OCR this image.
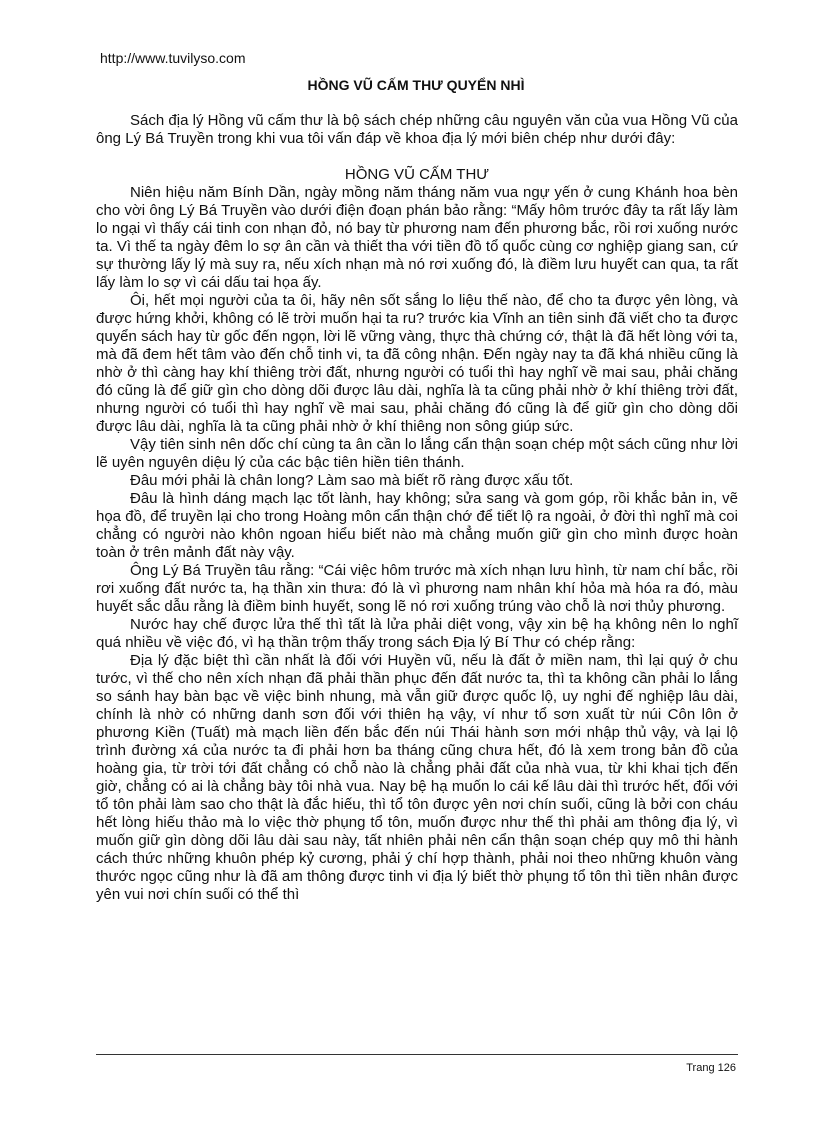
http://www.tuvilyso.com
HỒNG VŨ CẤM THƯ QUYỂN NHÌ

Sách địa lý Hồng vũ cấm thư là bộ sách chép những câu nguyên văn của vua Hồng Vũ của ông Lý Bá Truyền trong khi vua tôi vấn đáp về khoa địa lý mới biên chép như dưới đây:

HỒNG VŨ CẤM THƯ

Niên hiệu năm Bính Dần, ngày mồng năm tháng năm vua ngự yến ở cung Khánh hoa bèn cho vời ông Lý Bá Truyền vào dưới điện đoạn phán bảo rằng: “Mấy hôm trước đây ta rất lấy làm lo ngại vì thấy cái tinh con nhạn đỏ, nó bay từ phương nam đến phương bắc, rồi rơi xuống nước ta. Vì thế ta ngày đêm lo sợ ân cần và thiết tha với tiền đồ tổ quốc cùng cơ nghiệp giang san, cứ sự thường lấy lý mà suy ra, nếu xích nhạn mà nó rơi xuống đó, là điềm lưu huyết can qua, ta rất lấy làm lo sợ vì cái dấu tai họa ấy.

Ôi, hết mọi người của ta ôi, hãy nên sốt sắng lo liệu thế nào, để cho ta được yên lòng, và được hứng khởi, không có lẽ trời muốn hại ta ru? trước kia Vĩnh an tiên sinh đã viết cho ta được quyển sách hay từ gốc đến ngọn, lời lẽ vững vàng, thực thà chứng cớ, thật là đã hết lòng với ta, mà đã đem hết tâm vào đến chỗ tinh vi, ta đã công nhận. Đến ngày nay ta đã khá nhiều cũng là nhờ ở thì càng hay khí thiêng trời đất, nhưng người có tuổi thì hay nghĩ về mai sau, phải chăng đó cũng là để giữ gìn cho dòng dõi được lâu dài, nghĩa là ta cũng phải nhờ ở khí thiêng trời đất, nhưng người có tuổi thì hay nghĩ về mai sau, phải chăng đó cũng là để giữ gìn cho dòng dõi được lâu dài, nghĩa là ta cũng phải nhờ ở khí thiêng non sông giúp sức.

Vậy tiên sinh nên dốc chí cùng ta ân cần lo lắng cẩn thận soạn chép một sách cũng như lời lẽ uyên nguyên diệu lý của các bậc tiên hiền tiên thánh.

Đâu mới phải là chân long? Làm sao mà biết rõ ràng được xấu tốt.

Đâu là hình dáng mạch lạc tốt lành, hay không; sửa sang và gom góp, rồi khắc bản in, vẽ họa đồ, để truyền lại cho trong Hoàng môn cẩn thận chớ để tiết lộ ra ngoài, ở đời thì nghĩ mà coi chẳng có người nào khôn ngoan hiểu biết nào mà chẳng muốn giữ gìn cho mình được hoàn toàn ở trên mảnh đất này vậy.

Ông Lý Bá Truyền tâu rằng: “Cái việc hôm trước mà xích nhạn lưu hình, từ nam chí bắc, rồi rơi xuống đất nước ta, hạ thần xin thưa: đó là vì phương nam nhân khí hỏa mà hóa ra đó, màu huyết sắc dẫu rằng là điềm binh huyết, song lẽ nó rơi xuống trúng vào chỗ là nơi thủy phương.

Nước hay chế được lửa thế thì tất là lửa phải diệt vong, vậy xin bệ hạ không nên lo nghĩ quá nhiều về việc đó, vì hạ thần trộm thấy trong sách Địa lý Bí Thư có chép rằng:

Địa lý đặc biệt thì cần nhất là đối với Huyền vũ, nếu là đất ở miền nam, thì lại quý ở chu tước, vì thế cho nên xích nhạn đã phải thần phục đến đất nước ta, thì ta không cần phải lo lắng so sánh hay bàn bạc về việc binh nhung, mà vẫn giữ được quốc lộ, uy nghi đế nghiệp lâu dài, chính là nhờ có những danh sơn đối với thiên hạ vậy, ví như tổ sơn xuất từ núi Côn lôn ở phương Kiền (Tuất) mà mạch liền đến bắc đến núi Thái hành sơn mới nhập thủ vậy, và lại lộ trình đường xá của nước ta đi phải hơn ba tháng cũng chưa hết, đó là xem trong bản đồ của hoàng gia, từ trời tới đất chẳng có chỗ nào là chẳng phải đất của nhà vua, từ khi khai tịch đến giờ, chẳng có ai là chẳng bày tôi nhà vua. Nay bệ hạ muốn lo cái kế lâu dài thì trước hết, đối với tổ tôn phải làm sao cho thật là đắc hiếu, thì tổ tôn được yên nơi chín suối, cũng là bởi con cháu hết lòng hiếu thảo mà lo việc thờ phụng tổ tôn, muốn được như thế thì phải am thông địa lý, vì muốn giữ gìn dòng dõi lâu dài sau này, tất nhiên phải nên cẩn thận soạn chép quy mô thi hành cách thức những khuôn phép kỷ cương, phải ý chí hợp thành, phải noi theo những khuôn vàng thước ngọc cũng như là đã am thông được tinh vi địa lý biết thờ phụng tổ tôn thì tiền nhân được yên vui nơi chín suối có thể thì

Trang 126
